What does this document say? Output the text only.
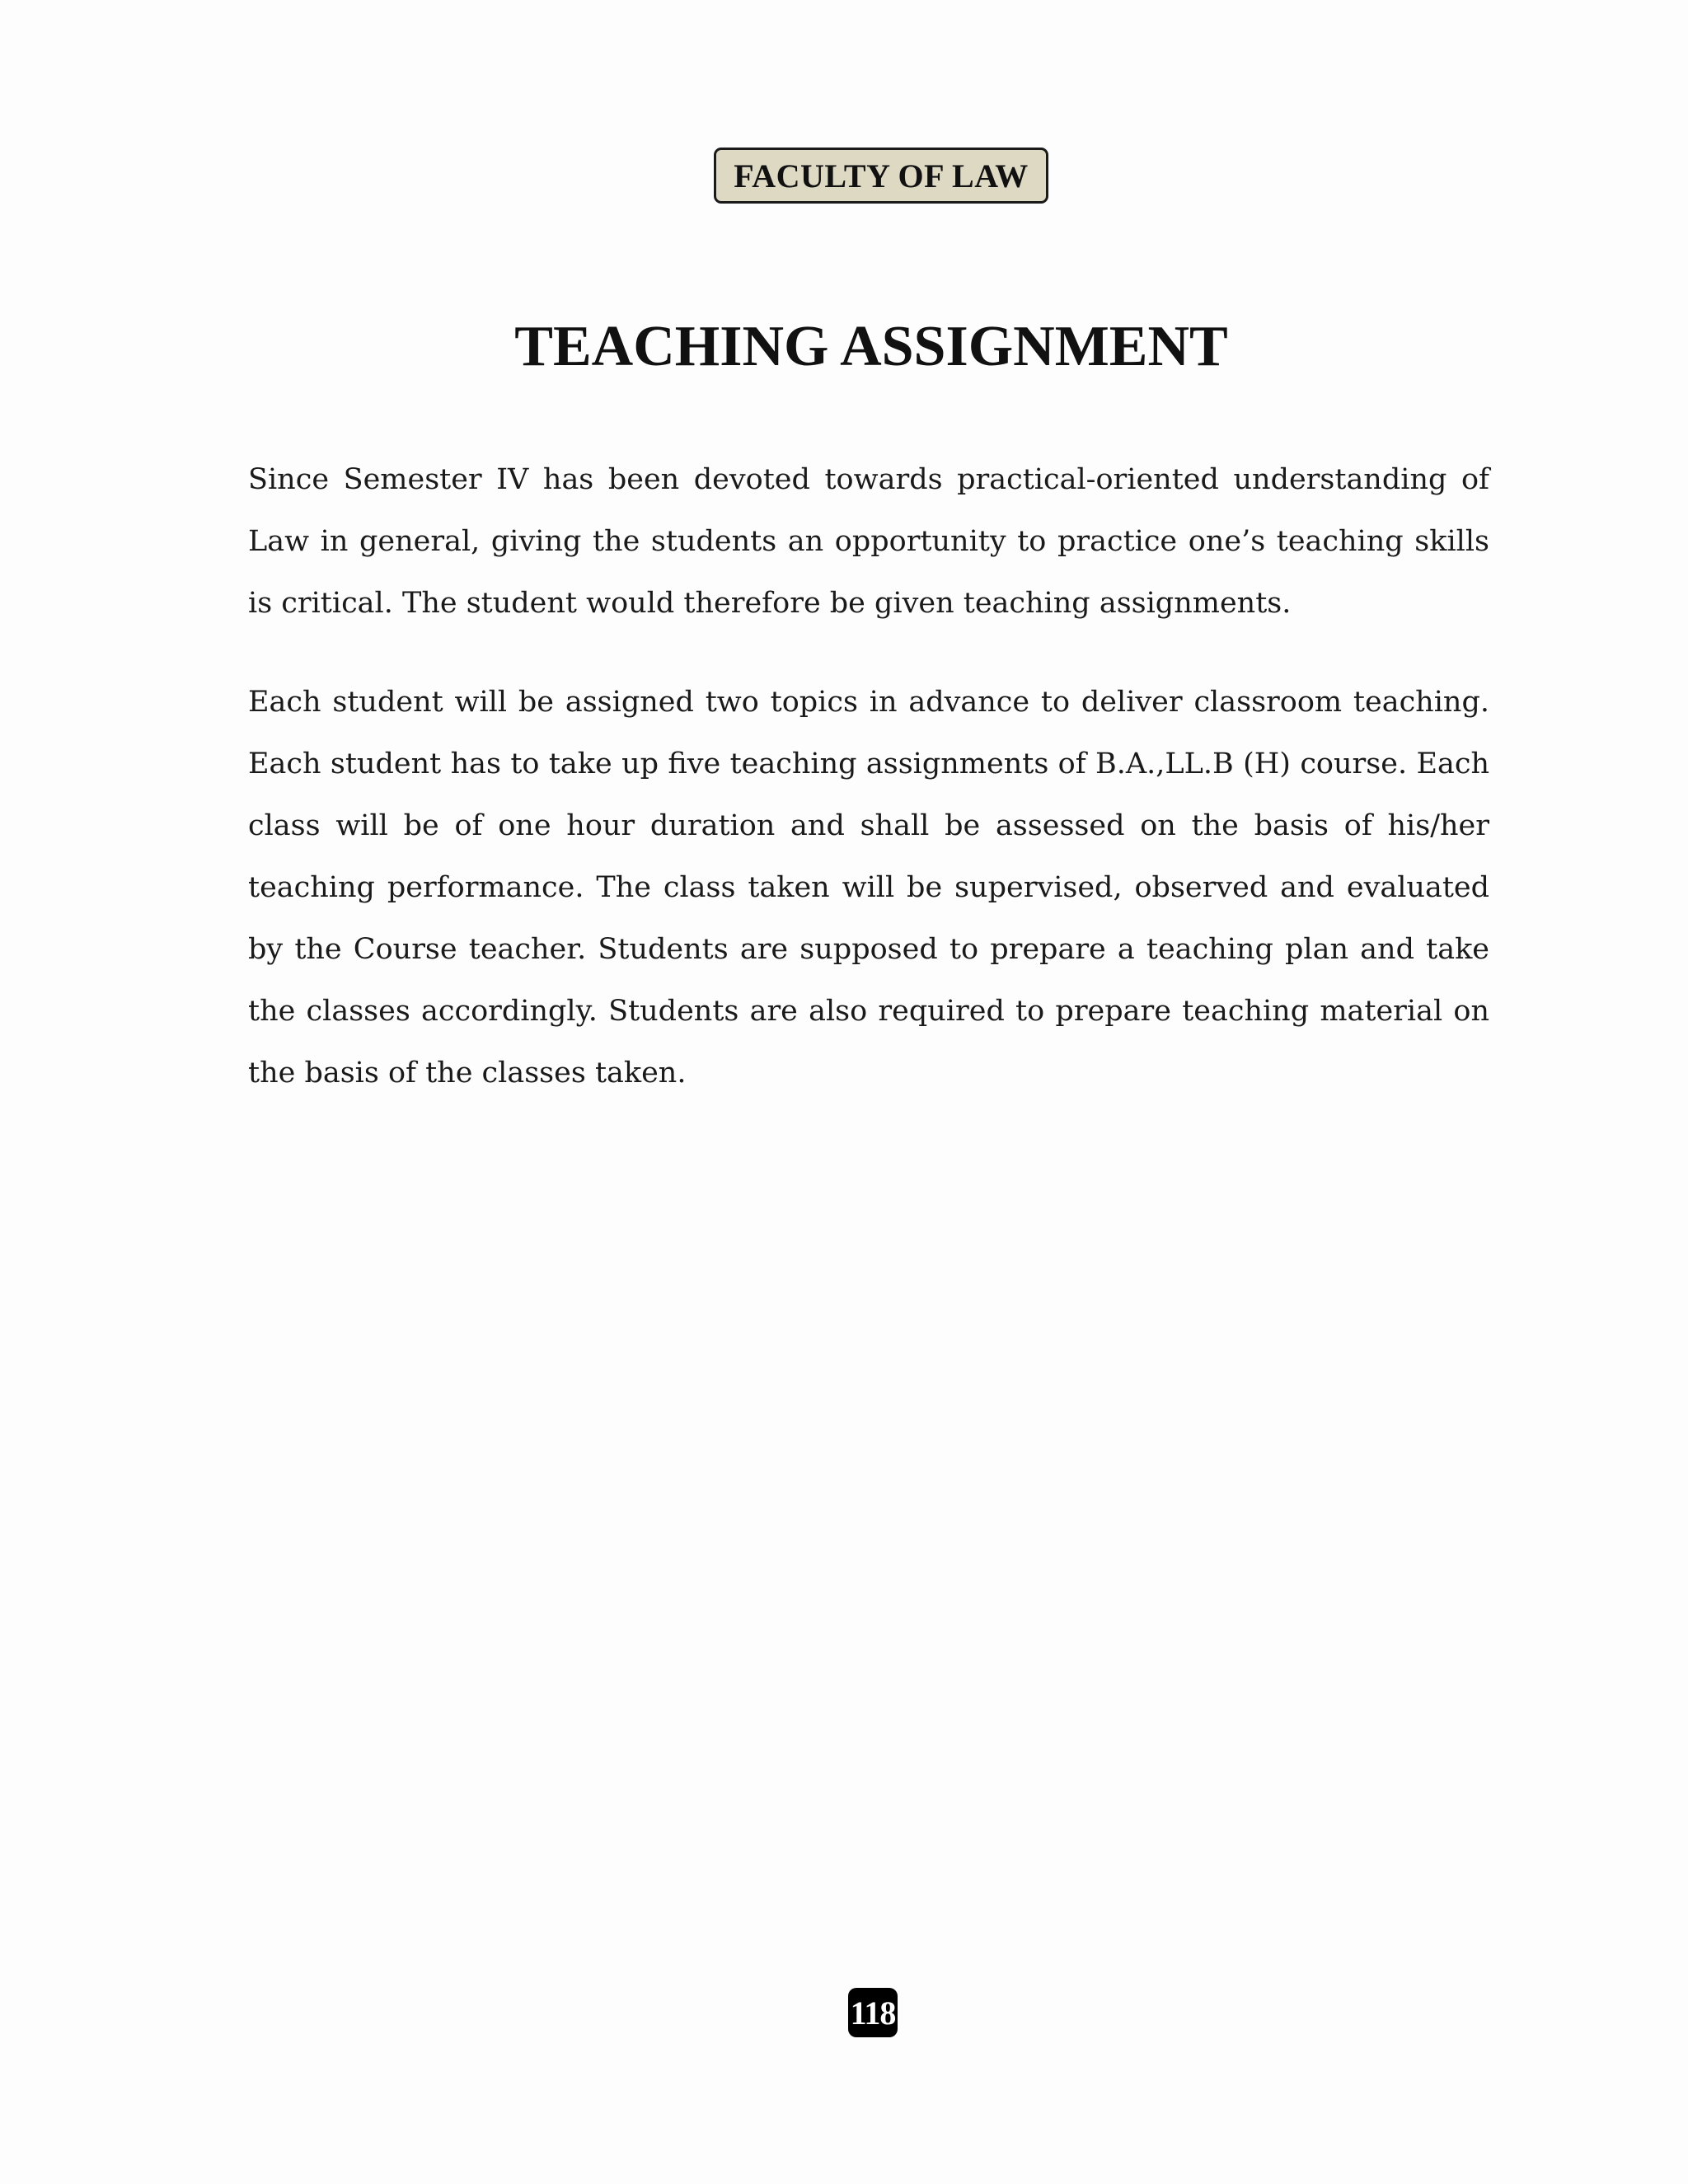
FACULTY OF LAW
TEACHING ASSIGNMENT

Since Semester IV has been devoted towards practical-oriented understanding of Law in general, giving the students an opportunity to practice one’s teaching skills is critical. The student would therefore be given teaching assignments.

Each student will be assigned two topics in advance to deliver classroom teaching. Each student has to take up five teaching assignments of B.A.,LL.B (H) course. Each class will be of one hour duration and shall be assessed on the basis of his/her teaching performance. The class taken will be supervised, observed and evaluated by the Course teacher. Students are supposed to prepare a teaching plan and take the classes accordingly. Students are also required to prepare teaching material on the basis of the classes taken.

118
